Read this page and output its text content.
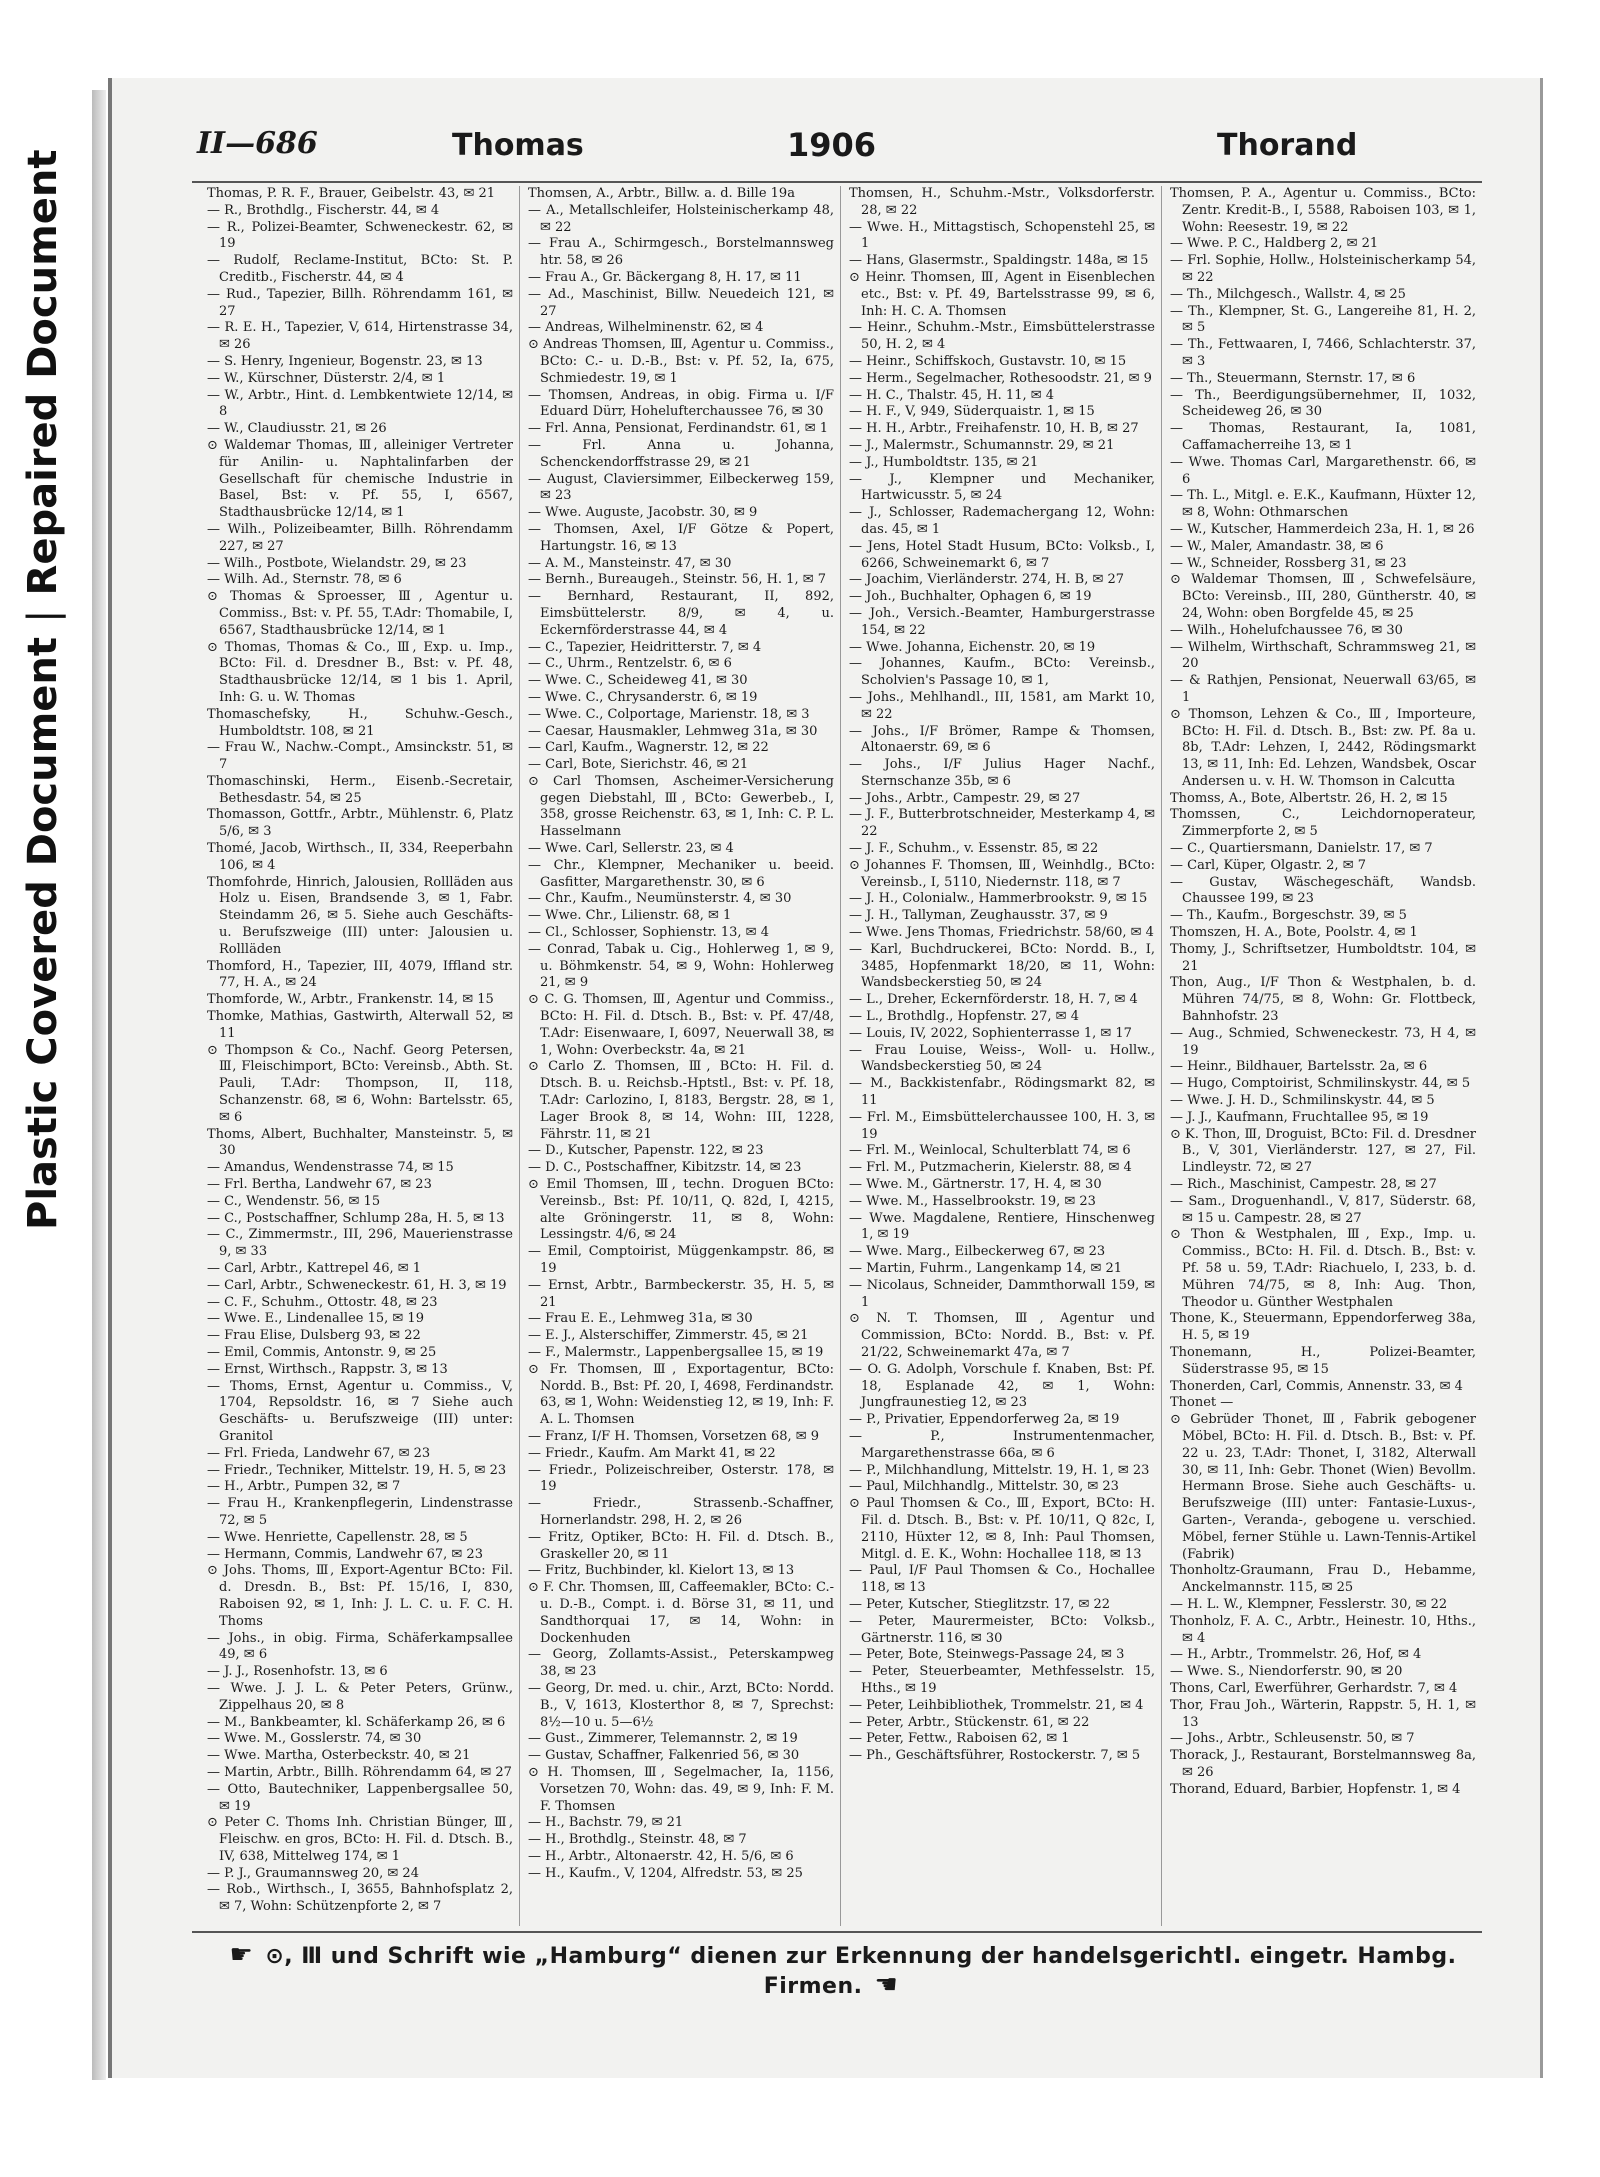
Plastic Covered Document|Repaired Document
II—686	Thomas	1906	Thorand

Thomas, P. R. F., Brauer, Geibelstr. 43, ✉ 21

— R., Brothdlg., Fischerstr. 44, ✉ 4

— R., Polizei-Beamter, Schweneckestr. 62, ✉ 19

— Rudolf, Reclame-Institut, BCto: St. P. Creditb., Fischerstr. 44, ✉ 4

— Rud., Tapezier, Billh. Röhrendamm 161, ✉ 27

— R. E. H., Tapezier, V, 614, Hirtenstrasse 34, ✉ 26

— S. Henry, Ingenieur, Bogenstr. 23, ✉ 13

— W., Kürschner, Düsterstr. 2/4, ✉ 1

— W., Arbtr., Hint. d. Lembkentwiete 12/14, ✉ 8

— W., Claudiusstr. 21, ✉ 26

⊙ Waldemar Thomas, Ⅲ, alleiniger Vertreter für Anilin- u. Naphtalinfarben der Gesellschaft für chemische Industrie in Basel, Bst: v. Pf. 55, I, 6567, Stadthausbrücke 12/14, ✉ 1

— Wilh., Polizeibeamter, Billh. Röhrendamm 227, ✉ 27

— Wilh., Postbote, Wielandstr. 29, ✉ 23

— Wilh. Ad., Sternstr. 78, ✉ 6

⊙ Thomas & Sproesser, Ⅲ, Agentur u. Commiss., Bst: v. Pf. 55, T.Adr: Thomabile, I, 6567, Stadthausbrücke 12/14, ✉ 1

⊙ Thomas, Thomas & Co., Ⅲ, Exp. u. Imp., BCto: Fil. d. Dresdner B., Bst: v. Pf. 48, Stadthausbrücke 12/14, ✉ 1 bis 1. April, Inh: G. u. W. Thomas

Thomaschefsky, H., Schuhw.-Gesch., Humboldtstr. 108, ✉ 21

— Frau W., Nachw.-Compt., Amsinckstr. 51, ✉ 7

Thomaschinski, Herm., Eisenb.-Secretair, Bethesdastr. 54, ✉ 25

Thomasson, Gottfr., Arbtr., Mühlenstr. 6, Platz 5/6, ✉ 3

Thomé, Jacob, Wirthsch., II, 334, Reeperbahn 106, ✉ 4

Thomfohrde, Hinrich, Jalousien, Rollläden aus Holz u. Eisen, Brandsende 3, ✉ 1, Fabr. Steindamm 26, ✉ 5. Siehe auch Geschäfts- u. Berufszweige (III) unter: Jalousien u. Rollläden

Thomford, H., Tapezier, III, 4079, Iffland str. 77, H. A., ✉ 24

Thomforde, W., Arbtr., Frankenstr. 14, ✉ 15

Thomke, Mathias, Gastwirth, Alterwall 52, ✉ 11

⊙ Thompson & Co., Nachf. Georg Petersen, Ⅲ, Fleischimport, BCto: Vereinsb., Abth. St. Pauli, T.Adr: Thompson, II, 118, Schanzenstr. 68, ✉ 6, Wohn: Bartelsstr. 65, ✉ 6

Thoms, Albert, Buchhalter, Mansteinstr. 5, ✉ 30

— Amandus, Wendenstrasse 74, ✉ 15

— Frl. Bertha, Landwehr 67, ✉ 23

— C., Wendenstr. 56, ✉ 15

— C., Postschaffner, Schlump 28a, H. 5, ✉ 13

— C., Zimmermstr., III, 296, Mauerienstrasse 9, ✉ 33

— Carl, Arbtr., Kattrepel 46, ✉ 1

— Carl, Arbtr., Schweneckestr. 61, H. 3, ✉ 19

— C. F., Schuhm., Ottostr. 48, ✉ 23

— Wwe. E., Lindenallee 15, ✉ 19

— Frau Elise, Dulsberg 93, ✉ 22

— Emil, Commis, Antonstr. 9, ✉ 25

— Ernst, Wirthsch., Rappstr. 3, ✉ 13

— Thoms, Ernst, Agentur u. Commiss., V, 1704, Repsoldstr. 16, ✉ 7 Siehe auch Geschäfts- u. Berufszweige (III) unter: Granitol

— Frl. Frieda, Landwehr 67, ✉ 23

— Friedr., Techniker, Mittelstr. 19, H. 5, ✉ 23

— H., Arbtr., Pumpen 32, ✉ 7

— Frau H., Krankenpflegerin, Lindenstrasse 72, ✉ 5

— Wwe. Henriette, Capellenstr. 28, ✉ 5

— Hermann, Commis, Landwehr 67, ✉ 23

⊙ Johs. Thoms, Ⅲ, Export-Agentur BCto: Fil. d. Dresdn. B., Bst: Pf. 15/16, I, 830, Raboisen 92, ✉ 1, Inh: J. L. C. u. F. C. H. Thoms

— Johs., in obig. Firma, Schäferkampsallee 49, ✉ 6

— J. J., Rosenhofstr. 13, ✉ 6

— Wwe. J. J. L. & Peter Peters, Grünw., Zippelhaus 20, ✉ 8

— M., Bankbeamter, kl. Schäferkamp 26, ✉ 6

— Wwe. M., Gosslerstr. 74, ✉ 30

— Wwe. Martha, Osterbeckstr. 40, ✉ 21

— Martin, Arbtr., Billh. Röhrendamm 64, ✉ 27

— Otto, Bautechniker, Lappenbergsallee 50, ✉ 19

⊙ Peter C. Thoms Inh. Christian Bünger, Ⅲ, Fleischw. en gros, BCto: H. Fil. d. Dtsch. B., IV, 638, Mittelweg 174, ✉ 1

— P. J., Graumannsweg 20, ✉ 24

— Rob., Wirthsch., I, 3655, Bahnhofsplatz 2, ✉ 7, Wohn: Schützenpforte 2, ✉ 7

Thomsen, A., Arbtr., Billw. a. d. Bille 19a

— A., Metallschleifer, Holsteinischerkamp 48, ✉ 22

— Frau A., Schirmgesch., Borstelmannsweg htr. 58, ✉ 26

— Frau A., Gr. Bäckergang 8, H. 17, ✉ 11

— Ad., Maschinist, Billw. Neuedeich 121, ✉ 27

— Andreas, Wilhelminenstr. 62, ✉ 4

⊙ Andreas Thomsen, Ⅲ, Agentur u. Commiss., BCto: C.- u. D.-B., Bst: v. Pf. 52, Ia, 675, Schmiedestr. 19, ✉ 1

— Thomsen, Andreas, in obig. Firma u. I/F Eduard Dürr, Hohelufterchaussee 76, ✉ 30

— Frl. Anna, Pensionat, Ferdinandstr. 61, ✉ 1

— Frl. Anna u. Johanna, Schenckendorffstrasse 29, ✉ 21

— August, Claviersimmer, Eilbeckerweg 159, ✉ 23

— Wwe. Auguste, Jacobstr. 30, ✉ 9

— Thomsen, Axel, I/F Götze & Popert, Hartungstr. 16, ✉ 13

— A. M., Mansteinstr. 47, ✉ 30

— Bernh., Bureaugeh., Steinstr. 56, H. 1, ✉ 7

— Bernhard, Restaurant, II, 892, Eimsbüttelerstr. 8/9, ✉ 4, u. Eckernförderstrasse 44, ✉ 4

— C., Tapezier, Heidritterstr. 7, ✉ 4

— C., Uhrm., Rentzelstr. 6, ✉ 6

— Wwe. C., Scheideweg 41, ✉ 30

— Wwe. C., Chrysanderstr. 6, ✉ 19

— Wwe. C., Colportage, Marienstr. 18, ✉ 3

— Caesar, Hausmakler, Lehmweg 31a, ✉ 30

— Carl, Kaufm., Wagnerstr. 12, ✉ 22

— Carl, Bote, Sierichstr. 46, ✉ 21

⊙ Carl Thomsen, Ascheimer-Versicherung gegen Diebstahl, Ⅲ, BCto: Gewerbeb., I, 358, grosse Reichenstr. 63, ✉ 1, Inh: C. P. L. Hasselmann

— Wwe. Carl, Sellerstr. 23, ✉ 4

— Chr., Klempner, Mechaniker u. beeid. Gasfitter, Margarethenstr. 30, ✉ 6

— Chr., Kaufm., Neumünsterstr. 4, ✉ 30

— Wwe. Chr., Lilienstr. 68, ✉ 1

— Cl., Schlosser, Sophienstr. 13, ✉ 4

— Conrad, Tabak u. Cig., Hohlerweg 1, ✉ 9, u. Böhmkenstr. 54, ✉ 9, Wohn: Hohlerweg 21, ✉ 9

⊙ C. G. Thomsen, Ⅲ, Agentur und Commiss., BCto: H. Fil. d. Dtsch. B., Bst: v. Pf. 47/48, T.Adr: Eisenwaare, I, 6097, Neuerwall 38, ✉ 1, Wohn: Overbeckstr. 4a, ✉ 21

⊙ Carlo Z. Thomsen, Ⅲ, BCto: H. Fil. d. Dtsch. B. u. Reichsb.-Hptstl., Bst: v. Pf. 18, T.Adr: Carlozino, I, 8183, Bergstr. 28, ✉ 1, Lager Brook 8, ✉ 14, Wohn: III, 1228, Fährstr. 11, ✉ 21

— D., Kutscher, Papenstr. 122, ✉ 23

— D. C., Postschaffner, Kibitzstr. 14, ✉ 23

⊙ Emil Thomsen, Ⅲ, techn. Droguen BCto: Vereinsb., Bst: Pf. 10/11, Q. 82d, I, 4215, alte Gröningerstr. 11, ✉ 8, Wohn: Lessingstr. 4/6, ✉ 24

— Emil, Comptoirist, Müggenkampstr. 86, ✉ 19

— Ernst, Arbtr., Barmbeckerstr. 35, H. 5, ✉ 21

— Frau E. E., Lehmweg 31a, ✉ 30

— E. J., Alsterschiffer, Zimmerstr. 45, ✉ 21

— F., Malermstr., Lappenbergsallee 15, ✉ 19

⊙ Fr. Thomsen, Ⅲ, Exportagentur, BCto: Nordd. B., Bst: Pf. 20, I, 4698, Ferdinandstr. 63, ✉ 1, Wohn: Weidenstieg 12, ✉ 19, Inh: F. A. L. Thomsen

— Franz, I/F H. Thomsen, Vorsetzen 68, ✉ 9

— Friedr., Kaufm. Am Markt 41, ✉ 22

— Friedr., Polizeischreiber, Osterstr. 178, ✉ 19

— Friedr., Strassenb.-Schaffner, Hornerlandstr. 298, H. 2, ✉ 26

— Fritz, Optiker, BCto: H. Fil. d. Dtsch. B., Graskeller 20, ✉ 11

— Fritz, Buchbinder, kl. Kielort 13, ✉ 13

⊙ F. Chr. Thomsen, Ⅲ, Caffeemakler, BCto: C.- u. D.-B., Compt. i. d. Börse 31, ✉ 11, und Sandthorquai 17, ✉ 14, Wohn: in Dockenhuden

— Georg, Zollamts-Assist., Peterskampweg 38, ✉ 23

— Georg, Dr. med. u. chir., Arzt, BCto: Nordd. B., V, 1613, Klosterthor 8, ✉ 7, Sprechst: 8½—10 u. 5—6½

— Gust., Zimmerer, Telemannstr. 2, ✉ 19

— Gustav, Schaffner, Falkenried 56, ✉ 30

⊙ H. Thomsen, Ⅲ, Segelmacher, Ia, 1156, Vorsetzen 70, Wohn: das. 49, ✉ 9, Inh: F. M. F. Thomsen

— H., Bachstr. 79, ✉ 21

— H., Brothdlg., Steinstr. 48, ✉ 7

— H., Arbtr., Altonaerstr. 42, H. 5/6, ✉ 6

— H., Kaufm., V, 1204, Alfredstr. 53, ✉ 25

Thomsen, H., Schuhm.-Mstr., Volksdorferstr. 28, ✉ 22

— Wwe. H., Mittagstisch, Schopenstehl 25, ✉ 1

— Hans, Glasermstr., Spaldingstr. 148a, ✉ 15

⊙ Heinr. Thomsen, Ⅲ, Agent in Eisenblechen etc., Bst: v. Pf. 49, Bartelsstrasse 99, ✉ 6, Inh: H. C. A. Thomsen

— Heinr., Schuhm.-Mstr., Eimsbüttelerstrasse 50, H. 2, ✉ 4

— Heinr., Schiffskoch, Gustavstr. 10, ✉ 15

— Herm., Segelmacher, Rothesoodstr. 21, ✉ 9

— H. C., Thalstr. 45, H. 11, ✉ 4

— H. F., V, 949, Süderquaistr. 1, ✉ 15

— H. H., Arbtr., Freihafenstr. 10, H. B, ✉ 27

— J., Malermstr., Schumannstr. 29, ✉ 21

— J., Humboldtstr. 135, ✉ 21

— J., Klempner und Mechaniker, Hartwicusstr. 5, ✉ 24

— J., Schlosser, Rademachergang 12, Wohn: das. 45, ✉ 1

— Jens, Hotel Stadt Husum, BCto: Volksb., I, 6266, Schweinemarkt 6, ✉ 7

— Joachim, Vierländerstr. 274, H. B, ✉ 27

— Joh., Buchhalter, Ophagen 6, ✉ 19

— Joh., Versich.-Beamter, Hamburgerstrasse 154, ✉ 22

— Wwe. Johanna, Eichenstr. 20, ✉ 19

— Johannes, Kaufm., BCto: Vereinsb., Scholvien's Passage 10, ✉ 1,

— Johs., Mehlhandl., III, 1581, am Markt 10, ✉ 22

— Johs., I/F Brömer, Rampe & Thomsen, Altonaerstr. 69, ✉ 6

— Johs., I/F Julius Hager Nachf., Sternschanze 35b, ✉ 6

— Johs., Arbtr., Campestr. 29, ✉ 27

— J. F., Butterbrotschneider, Mesterkamp 4, ✉ 22

— J. F., Schuhm., v. Essenstr. 85, ✉ 22

⊙ Johannes F. Thomsen, Ⅲ, Weinhdlg., BCto: Vereinsb., I, 5110, Niedernstr. 118, ✉ 7

— J. H., Colonialw., Hammerbrookstr. 9, ✉ 15

— J. H., Tallyman, Zeughausstr. 37, ✉ 9

— Wwe. Jens Thomas, Friedrichstr. 58/60, ✉ 4

— Karl, Buchdruckerei, BCto: Nordd. B., I, 3485, Hopfenmarkt 18/20, ✉ 11, Wohn: Wandsbeckerstieg 50, ✉ 24

— L., Dreher, Eckernförderstr. 18, H. 7, ✉ 4

— L., Brothdlg., Hopfenstr. 27, ✉ 4

— Louis, IV, 2022, Sophienterrasse 1, ✉ 17

— Frau Louise, Weiss-, Woll- u. Hollw., Wandsbeckerstieg 50, ✉ 24

— M., Backkistenfabr., Rödingsmarkt 82, ✉ 11

— Frl. M., Eimsbüttelerchaussee 100, H. 3, ✉ 19

— Frl. M., Weinlocal, Schulterblatt 74, ✉ 6

— Frl. M., Putzmacherin, Kielerstr. 88, ✉ 4

— Wwe. M., Gärtnerstr. 17, H. 4, ✉ 30

— Wwe. M., Hasselbrookstr. 19, ✉ 23

— Wwe. Magdalene, Rentiere, Hinschenweg 1, ✉ 19

— Wwe. Marg., Eilbeckerweg 67, ✉ 23

— Martin, Fuhrm., Langenkamp 14, ✉ 21

— Nicolaus, Schneider, Dammthorwall 159, ✉ 1

⊙ N. T. Thomsen, Ⅲ, Agentur und Commission, BCto: Nordd. B., Bst: v. Pf. 21/22, Schweinemarkt 47a, ✉ 7

— O. G. Adolph, Vorschule f. Knaben, Bst: Pf. 18, Esplanade 42, ✉ 1, Wohn: Jungfraunestieg 12, ✉ 23

— P., Privatier, Eppendorferweg 2a, ✉ 19

— P., Instrumentenmacher, Margarethenstrasse 66a, ✉ 6

— P., Milchhandlung, Mittelstr. 19, H. 1, ✉ 23

— Paul, Milchhandlg., Mittelstr. 30, ✉ 23

⊙ Paul Thomsen & Co., Ⅲ, Export, BCto: H. Fil. d. Dtsch. B., Bst: v. Pf. 10/11, Q 82c, I, 2110, Hüxter 12, ✉ 8, Inh: Paul Thomsen, Mitgl. d. E. K., Wohn: Hochallee 118, ✉ 13

— Paul, I/F Paul Thomsen & Co., Hochallee 118, ✉ 13

— Peter, Kutscher, Stieglitzstr. 17, ✉ 22

— Peter, Maurermeister, BCto: Volksb., Gärtnerstr. 116, ✉ 30

— Peter, Bote, Steinwegs-Passage 24, ✉ 3

— Peter, Steuerbeamter, Methfesselstr. 15, Hths., ✉ 19

— Peter, Leihbibliothek, Trommelstr. 21, ✉ 4

— Peter, Arbtr., Stückenstr. 61, ✉ 22

— Peter, Fettw., Raboisen 62, ✉ 1

— Ph., Geschäftsführer, Rostockerstr. 7, ✉ 5

Thomsen, P. A., Agentur u. Commiss., BCto: Zentr. Kredit-B., I, 5588, Raboisen 103, ✉ 1, Wohn: Reesestr. 19, ✉ 22

— Wwe. P. C., Haldberg 2, ✉ 21

— Frl. Sophie, Hollw., Holsteinischerkamp 54, ✉ 22

— Th., Milchgesch., Wallstr. 4, ✉ 25

— Th., Klempner, St. G., Langereihe 81, H. 2, ✉ 5

— Th., Fettwaaren, I, 7466, Schlachterstr. 37, ✉ 3

— Th., Steuermann, Sternstr. 17, ✉ 6

— Th., Beerdigungsübernehmer, II, 1032, Scheideweg 26, ✉ 30

— Thomas, Restaurant, Ia, 1081, Caffamacherreihe 13, ✉ 1

— Wwe. Thomas Carl, Margarethenstr. 66, ✉ 6

— Th. L., Mitgl. e. E.K., Kaufmann, Hüxter 12, ✉ 8, Wohn: Othmarschen

— W., Kutscher, Hammerdeich 23a, H. 1, ✉ 26

— W., Maler, Amandastr. 38, ✉ 6

— W., Schneider, Rossberg 31, ✉ 23

⊙ Waldemar Thomsen, Ⅲ, Schwefelsäure, BCto: Vereinsb., III, 280, Güntherstr. 40, ✉ 24, Wohn: oben Borgfelde 45, ✉ 25

— Wilh., Hohelufchaussee 76, ✉ 30

— Wilhelm, Wirthschaft, Schrammsweg 21, ✉ 20

— & Rathjen, Pensionat, Neuerwall 63/65, ✉ 1

⊙ Thomson, Lehzen & Co., Ⅲ, Importeure, BCto: H. Fil. d. Dtsch. B., Bst: zw. Pf. 8a u. 8b, T.Adr: Lehzen, I, 2442, Rödingsmarkt 13, ✉ 11, Inh: Ed. Lehzen, Wandsbek, Oscar Andersen u. v. H. W. Thomson in Calcutta

Thomss, A., Bote, Albertstr. 26, H. 2, ✉ 15

Thomssen, C., Leichdornoperateur, Zimmerpforte 2, ✉ 5

— C., Quartiersmann, Danielstr. 17, ✉ 7

— Carl, Küper, Olgastr. 2, ✉ 7

— Gustav, Wäschegeschäft, Wandsb. Chaussee 199, ✉ 23

— Th., Kaufm., Borgeschstr. 39, ✉ 5

Thomszen, H. A., Bote, Poolstr. 4, ✉ 1

Thomy, J., Schriftsetzer, Humboldtstr. 104, ✉ 21

Thon, Aug., I/F Thon & Westphalen, b. d. Mühren 74/75, ✉ 8, Wohn: Gr. Flottbeck, Bahnhofstr. 23

— Aug., Schmied, Schweneckestr. 73, H 4, ✉ 19

— Heinr., Bildhauer, Bartelsstr. 2a, ✉ 6

— Hugo, Comptoirist, Schmilinskystr. 44, ✉ 5

— Wwe. J. H. D., Schmilinskystr. 44, ✉ 5

— J. J., Kaufmann, Fruchtallee 95, ✉ 19

⊙ K. Thon, Ⅲ, Droguist, BCto: Fil. d. Dresdner B., V, 301, Vierländerstr. 127, ✉ 27, Fil. Lindleystr. 72, ✉ 27

— Rich., Maschinist, Campestr. 28, ✉ 27

— Sam., Droguenhandl., V, 817, Süderstr. 68, ✉ 15 u. Campestr. 28, ✉ 27

⊙ Thon & Westphalen, Ⅲ, Exp., Imp. u. Commiss., BCto: H. Fil. d. Dtsch. B., Bst: v. Pf. 58 u. 59, T.Adr: Riachuelo, I, 233, b. d. Mühren 74/75, ✉ 8, Inh: Aug. Thon, Theodor u. Günther Westphalen

Thone, K., Steuermann, Eppendorferweg 38a, H. 5, ✉ 19

Thonemann, H., Polizei-Beamter, Süderstrasse 95, ✉ 15

Thonerden, Carl, Commis, Annenstr. 33, ✉ 4

Thonet —

⊙ Gebrüder Thonet, Ⅲ, Fabrik gebogener Möbel, BCto: H. Fil. d. Dtsch. B., Bst: v. Pf. 22 u. 23, T.Adr: Thonet, I, 3182, Alterwall 30, ✉ 11, Inh: Gebr. Thonet (Wien) Bevollm. Hermann Brose. Siehe auch Geschäfts- u. Berufszweige (III) unter: Fantasie-Luxus-, Garten-, Veranda-, gebogene u. verschied. Möbel, ferner Stühle u. Lawn-Tennis-Artikel (Fabrik)

Thonholtz-Graumann, Frau D., Hebamme, Anckelmannstr. 115, ✉ 25

— H. L. W., Klempner, Fesslerstr. 30, ✉ 22

Thonholz, F. A. C., Arbtr., Heinestr. 10, Hths., ✉ 4

— H., Arbtr., Trommelstr. 26, Hof, ✉ 4

— Wwe. S., Niendorferstr. 90, ✉ 20

Thons, Carl, Ewerführer, Gerhardstr. 7, ✉ 4

Thor, Frau Joh., Wärterin, Rappstr. 5, H. 1, ✉ 13

— Johs., Arbtr., Schleusenstr. 50, ✉ 7

Thorack, J., Restaurant, Borstelmannsweg 8a, ✉ 26

Thorand, Eduard, Barbier, Hopfenstr. 1, ✉ 4

☛ ⊙, Ⅲ und Schrift wie „Hamburg“ dienen zur Erkennung der handelsgerichtl. eingetr. Hambg. Firmen. ☚
